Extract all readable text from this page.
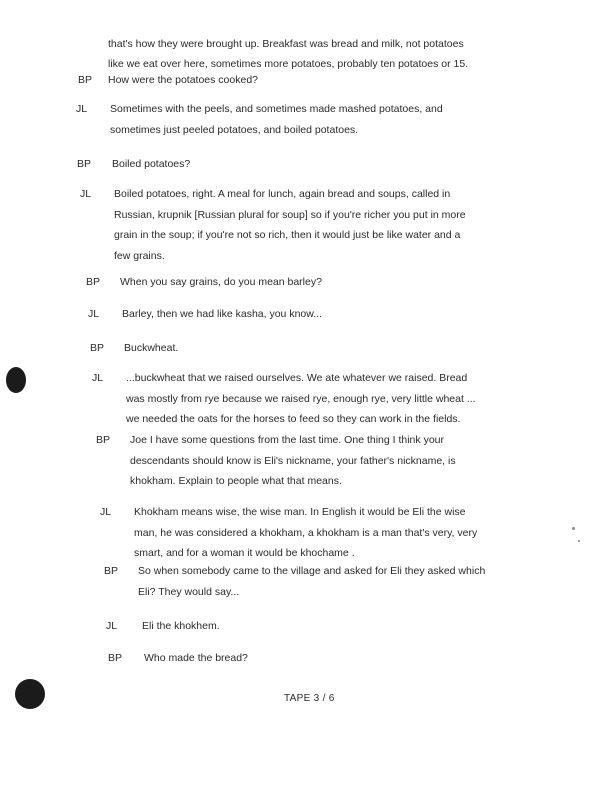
that's how they were brought up. Breakfast was bread and milk, not potatoes
like we eat over here, sometimes more potatoes, probably ten potatoes or 15.
BP	How were the potatoes cooked?
JL	Sometimes with the peels, and sometimes made mashed potatoes, and
sometimes just peeled potatoes, and boiled potatoes.
BP	Boiled potatoes?
JL	Boiled potatoes, right. A meal for lunch, again bread and soups, called in
Russian, krupnik [Russian plural for soup] so if you're richer you put in more
grain in the soup; if you're not so rich, then it would just be like water and a
few grains.
BP	When you say grains, do you mean barley?
JL	Barley, then we had like kasha, you know...
BP	Buckwheat.
JL	...buckwheat that we raised ourselves. We ate whatever we raised. Bread
was mostly from rye because we raised rye, enough rye, very little wheat ...
we needed the oats for the horses to feed so they can work in the fields.
BP	Joe I have some questions from the last time. One thing I think your
descendants should know is Eli's nickname, your father's nickname, is
khokham. Explain to people what that means.
JL	Khokham means wise, the wise man. In English it would be Eli the wise
man, he was considered a khokham, a khokham is a man that's very, very
smart, and for a woman it would be khochame .
BP	So when somebody came to the village and asked for Eli they asked which
Eli? They would say...
JL	Eli the khokhem.
BP	Who made the bread?
TAPE 3 / 6
